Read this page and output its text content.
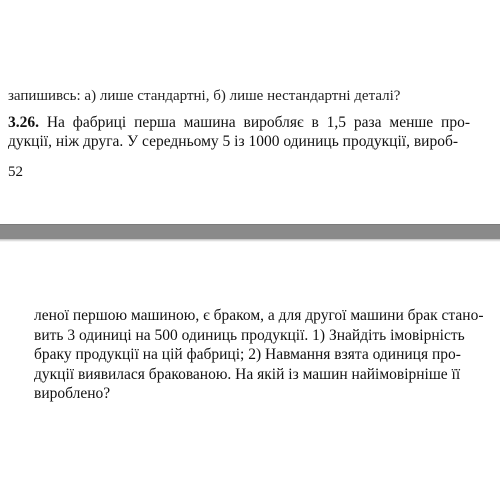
запишивсь: а) лише стандартні, б) лише нестандартні деталі?
3.26. На фабриці перша машина виробляє в 1,5 раза менше про-
дукції, ніж друга. У середньому 5 із 1000 одиниць продукції, вироб-
52
леної першою машиною, є браком, а для другої машини брак стано-
вить 3 одиниці на 500 одиниць продукції. 1) Знайдіть імовірність
браку продукції на цій фабриці; 2) Навмання взята одиниця про-
дукції виявилася бракованою. На якій із машин найімовірніше її
вироблено?
